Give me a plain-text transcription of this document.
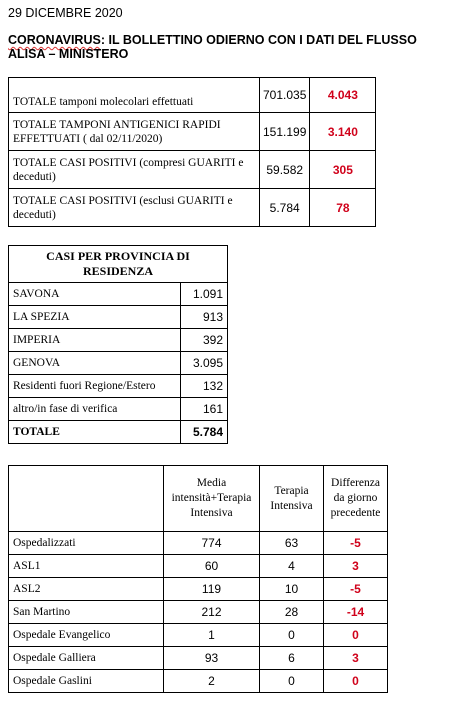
29 DICEMBRE 2020
CORONAVIRUS: IL BOLLETTINO ODIERNO CON I DATI DEL FLUSSO ALISA – MINISTERO
TOTALE tamponi molecolari effettuati	701.035	4.043
TOTALE TAMPONI ANTIGENICI RAPIDI EFFETTUATI ( dal 02/11/2020)	151.199	3.140
TOTALE CASI POSITIVI (compresi GUARITI e deceduti)	59.582	305
TOTALE CASI POSITIVI (esclusi GUARITI e deceduti)	5.784	78
CASI PER PROVINCIA DI RESIDENZA	
SAVONA	1.091
LA SPEZIA	913
IMPERIA	392
GENOVA	3.095
Residenti fuori Regione/Estero	132
altro/in fase di verifica	161
TOTALE	5.784
	Media intensità+Terapia Intensiva	Terapia Intensiva	Differenza da giorno precedente
Ospedalizzati	774	63	-5
ASL1	60	4	3
ASL2	119	10	-5
San Martino	212	28	-14
Ospedale Evangelico	1	0	0
Ospedale Galliera	93	6	3
Ospedale Gaslini	2	0	0
